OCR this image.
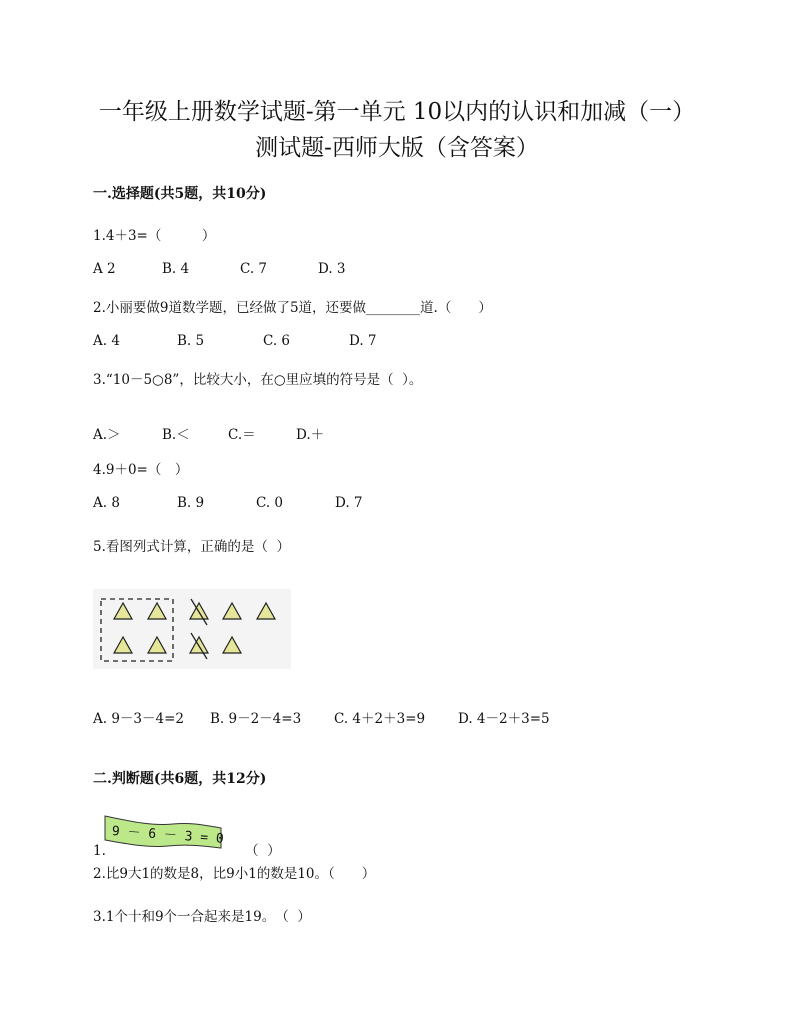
一年级上册数学试题-第一单元 10以内的认识和加减（一）
测试题-西师大版（含答案）
一.选择题(共5题，共10分)
1.4＋3=（　　　）
A 2	B. 4	C. 7	D. 3
2.小丽要做9道数学题，已经做了5道，还要做________道.（　　）
A. 4	B. 5	C. 6	D. 7
3.“10－5○8”，比较大小，在○里应填的符号是（  ）。
A.＞	B.＜	C.＝	D.＋
4.9＋0=（　）
A. 8	B. 9	C. 0	D. 7
5.看图列式计算，正确的是（  ）
A. 9－3－4=2 B. 9－2－4=3 C. 4＋2＋3=9 D. 4－2＋3=5
二.判断题(共6题，共12分)
9 － 6 － 3 = 0
1.	（  ）
2.比9大1的数是8，比9小1的数是10。（　　）
3.1个十和9个一合起来是19。　（  ）
